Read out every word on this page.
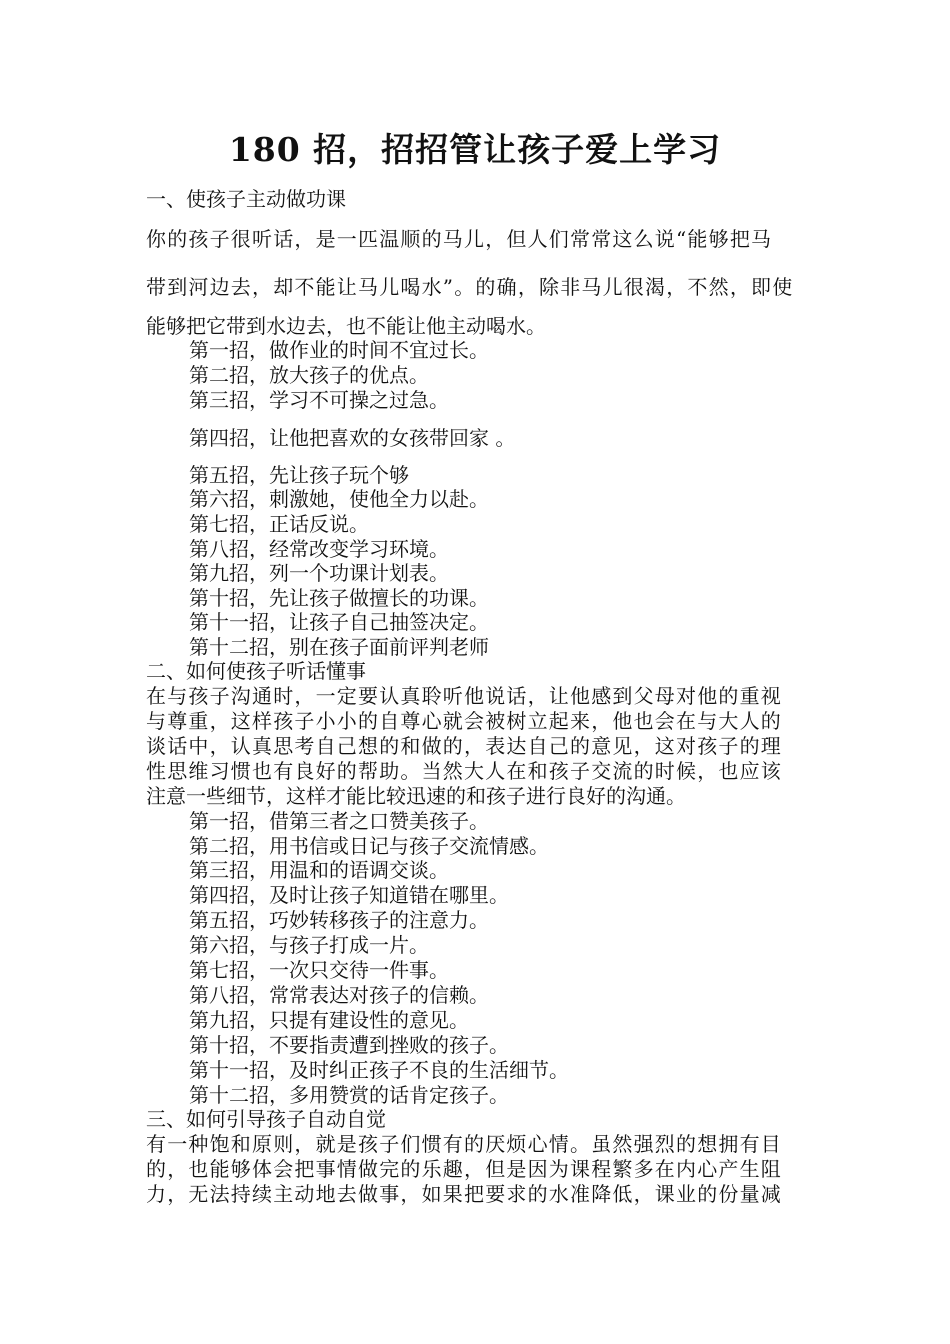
180 招，招招管让孩子爱上学习
一、使孩子主动做功课
你的孩子很听话，是一匹温顺的马儿，但人们常常这么说“能够把马
带到河边去，却不能让马儿喝水”。的确，除非马儿很渴，不然，即使
能够把它带到水边去，也不能让他主动喝水。
第一招，做作业的时间不宜过长。
第二招，放大孩子的优点。
第三招，学习不可操之过急。
第四招，让他把喜欢的女孩带回家 。
第五招，先让孩子玩个够
第六招，刺激她，使他全力以赴。
第七招，正话反说。
第八招，经常改变学习环境。
第九招，列一个功课计划表。
第十招，先让孩子做擅长的功课。
第十一招，让孩子自己抽签决定。
第十二招，别在孩子面前评判老师
二、如何使孩子听话懂事
在与孩子沟通时，一定要认真聆听他说话，让他感到父母对他的重视
与尊重，这样孩子小小的自尊心就会被树立起来，他也会在与大人的
谈话中，认真思考自己想的和做的，表达自己的意见，这对孩子的理
性思维习惯也有良好的帮助。当然大人在和孩子交流的时候，也应该
注意一些细节，这样才能比较迅速的和孩子进行良好的沟通。
第一招，借第三者之口赞美孩子。
第二招，用书信或日记与孩子交流情感。
第三招，用温和的语调交谈。
第四招，及时让孩子知道错在哪里。
第五招，巧妙转移孩子的注意力。
第六招，与孩子打成一片。
第七招，一次只交待一件事。
第八招，常常表达对孩子的信赖。
第九招，只提有建设性的意见。
第十招，不要指责遭到挫败的孩子。
第十一招，及时纠正孩子不良的生活细节。
第十二招，多用赞赏的话肯定孩子。
三、如何引导孩子自动自觉
有一种饱和原则，就是孩子们惯有的厌烦心情。虽然强烈的想拥有目
的，也能够体会把事情做完的乐趣，但是因为课程繁多在内心产生阻
力，无法持续主动地去做事，如果把要求的水准降低，课业的份量减
